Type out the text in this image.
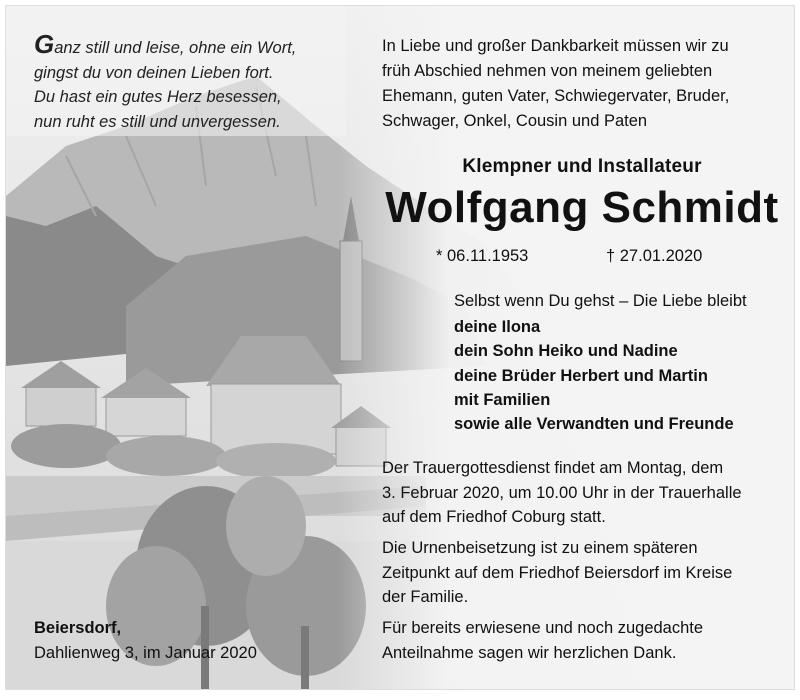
Ganz still und leise, ohne ein Wort,
gingst du von deinen Lieben fort.
Du hast ein gutes Herz besessen,
nun ruht es still und unvergessen.
In Liebe und großer Dankbarkeit müssen wir zu
früh Abschied nehmen von meinem geliebten
Ehemann, guten Vater, Schwiegervater, Bruder,
Schwager, Onkel, Cousin und Paten
Klempner und Installateur
Wolfgang Schmidt
* 06.11.1953	† 27.01.2020
Selbst wenn Du gehst – Die Liebe bleibt
deine Ilona
dein Sohn Heiko und Nadine
deine Brüder Herbert und Martin
mit Familien
sowie alle Verwandten und Freunde
Der Trauergottesdienst findet am Montag, dem
3. Februar 2020, um 10.00 Uhr in der Trauerhalle
auf dem Friedhof Coburg statt.
Die Urnenbeisetzung ist zu einem späteren
Zeitpunkt auf dem Friedhof Beiersdorf im Kreise
der Familie.
Für bereits erwiesene und noch zugedachte
Anteilnahme sagen wir herzlichen Dank.
Beiersdorf,
Dahlienweg 3, im Januar 2020
